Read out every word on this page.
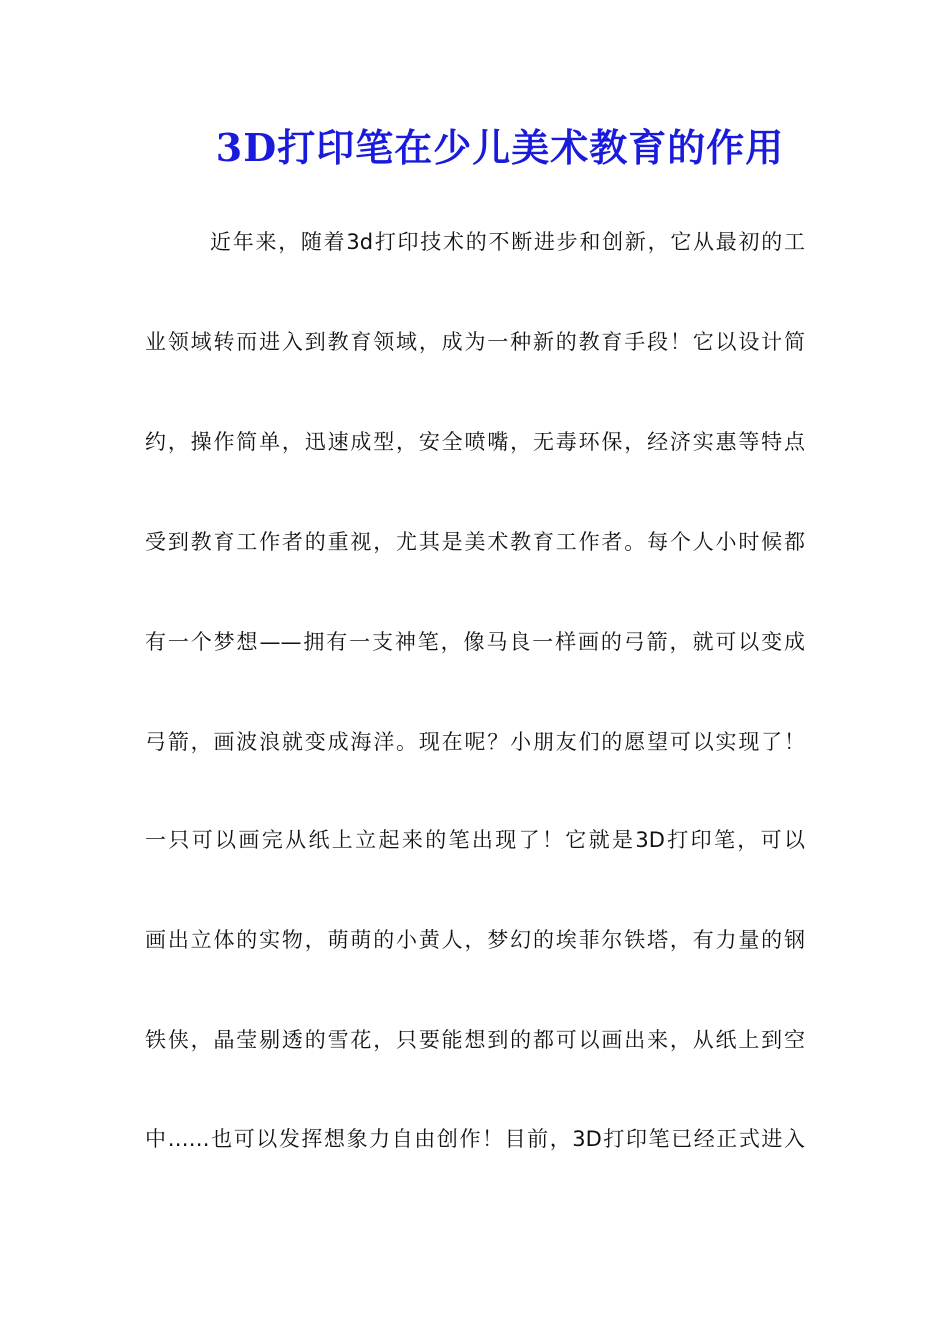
3D打印笔在少儿美术教育的作用
近年来，随着3d打印技术的不断进步和创新，它从最初的工
业领域转而进入到教育领域，成为一种新的教育手段！它以设计简
约，操作简单，迅速成型，安全喷嘴，无毒环保，经济实惠等特点
受到教育工作者的重视，尤其是美术教育工作者。每个人小时候都
有一个梦想——拥有一支神笔，像马良一样画的弓箭，就可以变成
弓箭，画波浪就变成海洋。现在呢？小朋友们的愿望可以实现了！
一只可以画完从纸上立起来的笔出现了！它就是3D打印笔，可以
画出立体的实物，萌萌的小黄人，梦幻的埃菲尔铁塔，有力量的钢
铁侠，晶莹剔透的雪花，只要能想到的都可以画出来，从纸上到空
中……也可以发挥想象力自由创作！目前，3D打印笔已经正式进入
